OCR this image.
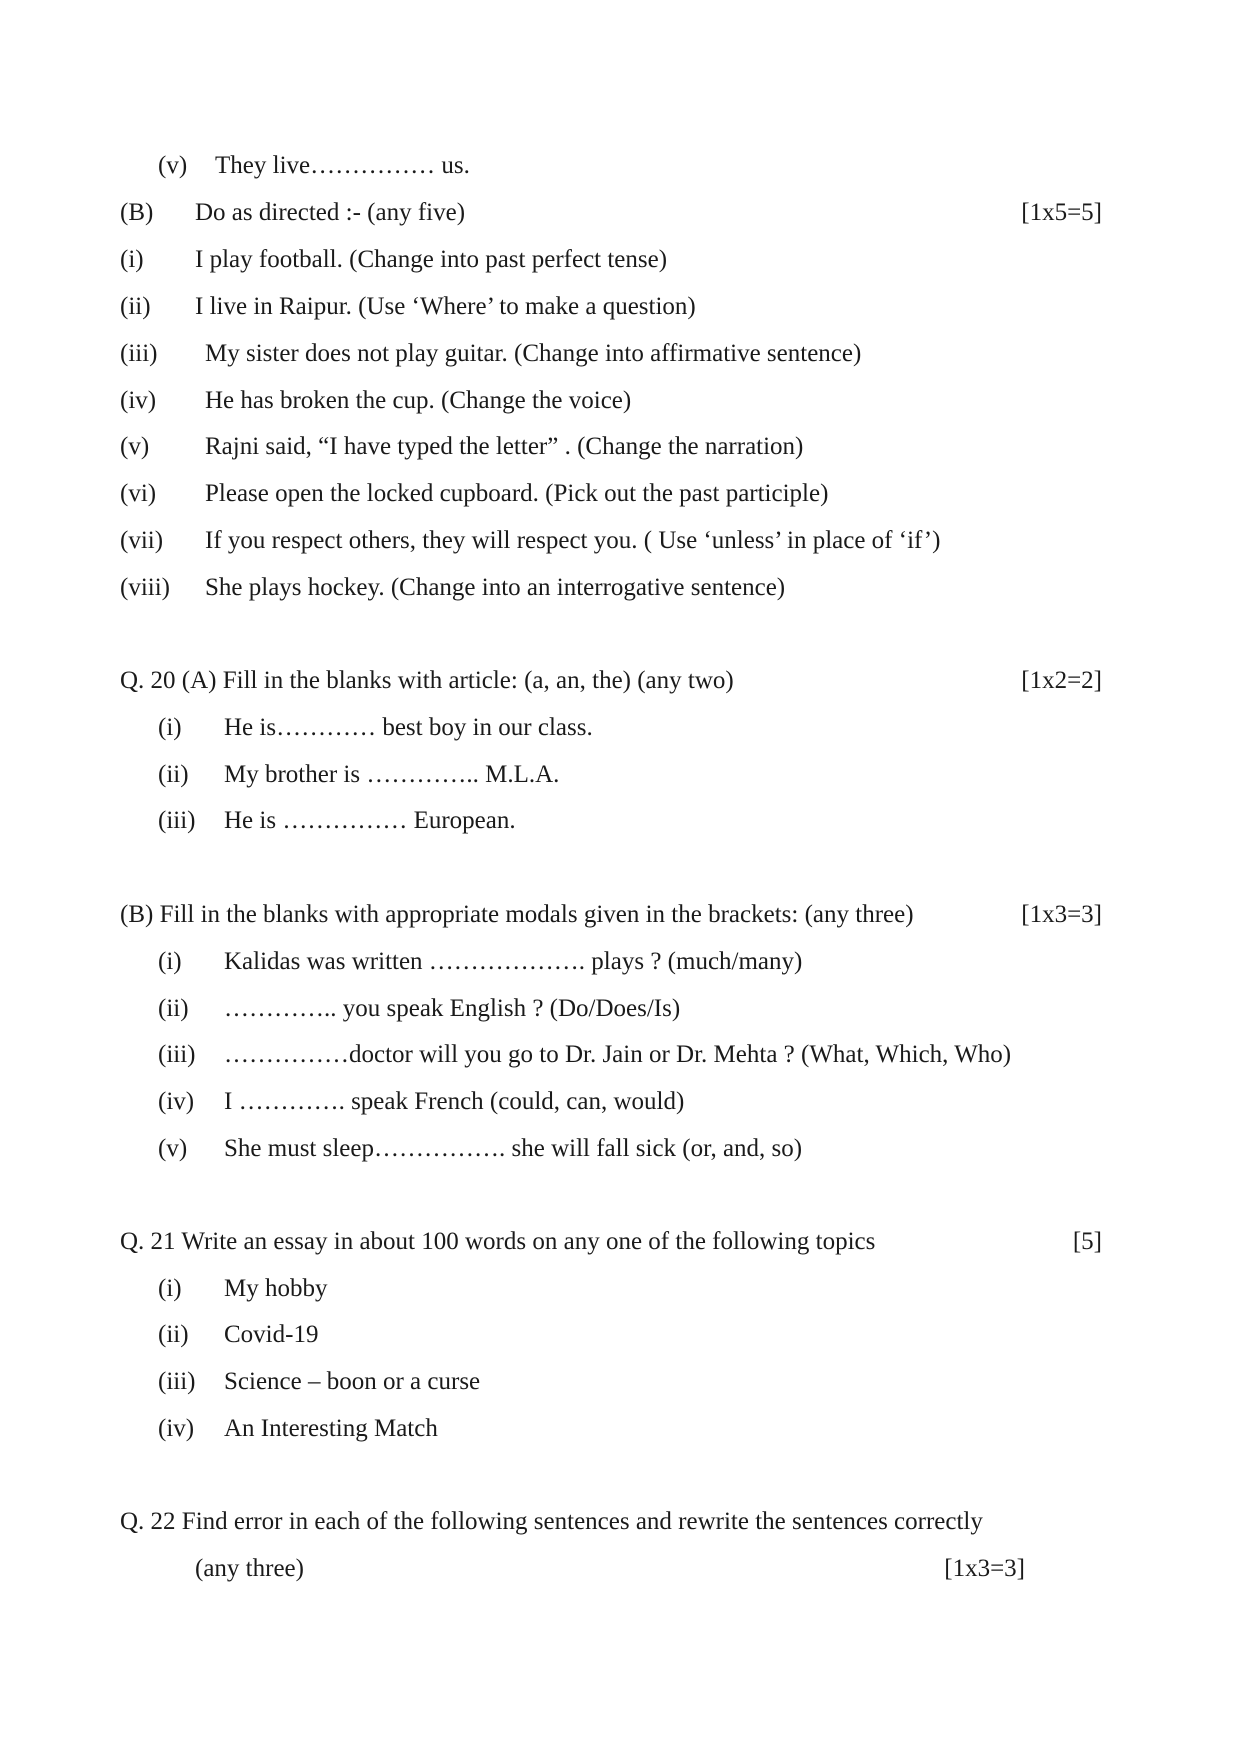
(v) They live…………… us.
(B) Do as directed :- (any five)	[1x5=5]
(i) I play football. (Change into past perfect tense)
(ii) I live in Raipur. (Use ‘Where’ to make a question)
(iii) My sister does not play guitar. (Change into affirmative sentence)
(iv) He has broken the cup. (Change the voice)
(v) Rajni said, “I have typed the letter” . (Change the narration)
(vi) Please open the locked cupboard. (Pick out the past participle)
(vii) If you respect others, they will respect you. ( Use ‘unless’ in place of ‘if’)
(viii) She plays hockey. (Change into an interrogative sentence)
Q. 20 (A) Fill in the blanks with article: (a, an, the) (any two)	[1x2=2]
(i) He is………… best boy in our class.
(ii) My brother is ………….. M.L.A.
(iii) He is …………… European.
(B) Fill in the blanks with appropriate modals given in the brackets: (any three)	[1x3=3]
(i) Kalidas was written ………………. plays ? (much/many)
(ii) ………….. you speak English ? (Do/Does/Is)
(iii) ……………doctor will you go to Dr. Jain or Dr. Mehta ? (What, Which, Who)
(iv) I …………. speak French (could, can, would)
(v) She must sleep……………. she will fall sick (or, and, so)
Q. 21 Write an essay in about 100 words on any one of the following topics	[5]
(i) My hobby
(ii) Covid-19
(iii) Science – boon or a curse
(iv) An Interesting Match
Q. 22 Find error in each of the following sentences and rewrite the sentences correctly
(any three)	[1x3=3]
